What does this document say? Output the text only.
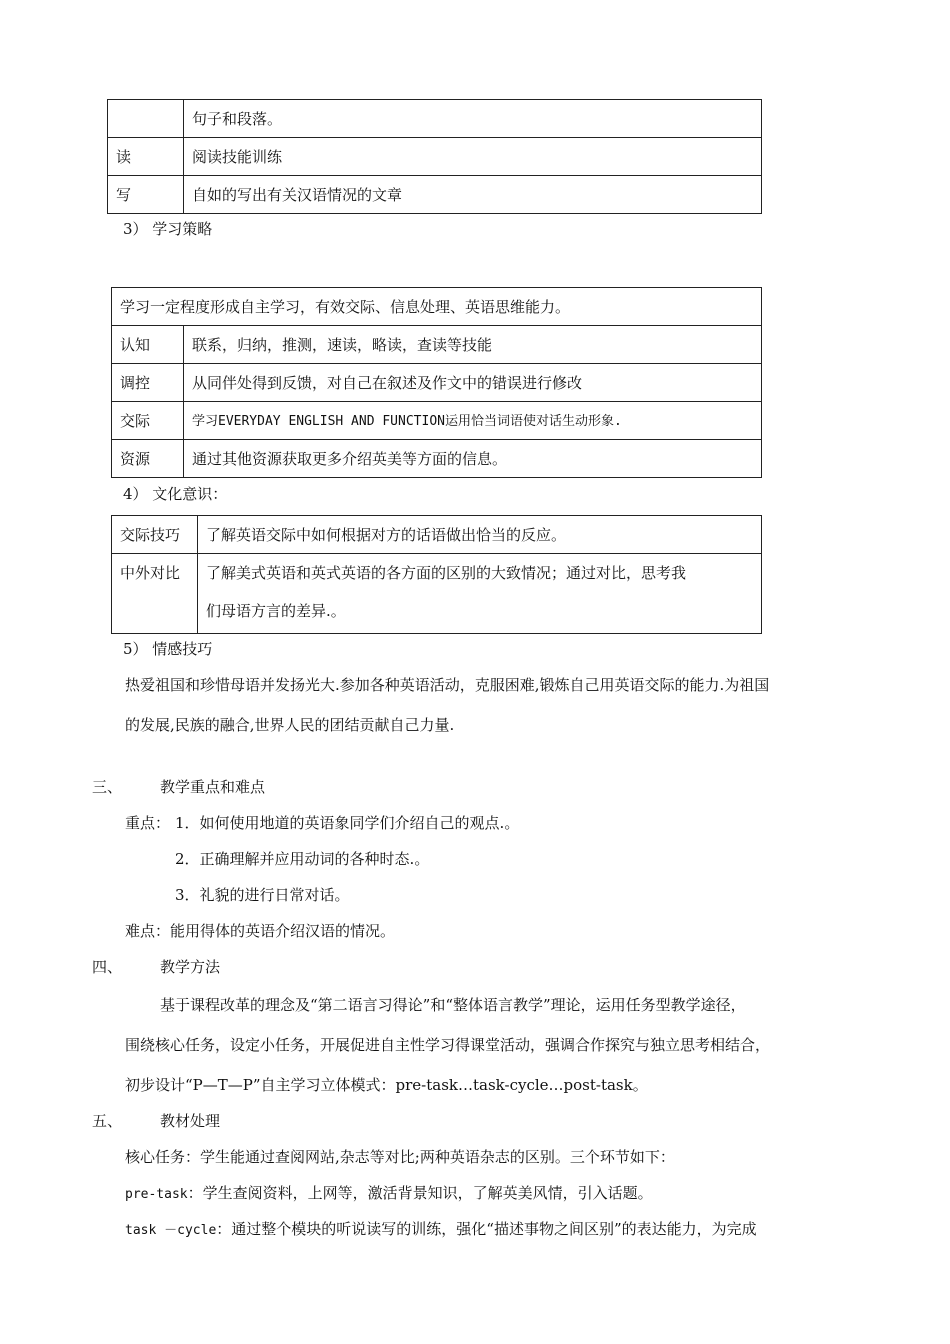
	句子和段落。
读	阅读技能训练
写	自如的写出有关汉语情况的文章
3） 学习策略
学习一定程度形成自主学习，有效交际、信息处理、英语思维能力。	
认知	联系，归纳，推测，速读，略读，查读等技能
调控	从同伴处得到反馈，对自己在叙述及作文中的错误进行修改
交际	学习EVERYDAY ENGLISH AND FUNCTION运用恰当词语使对话生动形象.
资源	通过其他资源获取更多介绍英美等方面的信息。
4） 文化意识：
交际技巧	了解英语交际中如何根据对方的话语做出恰当的反应。
中外对比	了解美式英语和英式英语的各方面的区别的大致情况；通过对比，思考我
们母语方言的差异.。
5） 情感技巧
热爱祖国和珍惜母语并发扬光大.参加各种英语活动，克服困难,锻炼自己用英语交际的能力.为祖国
的发展,民族的融合,世界人民的团结贡献自己力量.
三、	教学重点和难点
重点： 1．如何使用地道的英语象同学们介绍自己的观点.。
2．正确理解并应用动词的各种时态.。
3．礼貌的进行日常对话。
难点：能用得体的英语介绍汉语的情况。
四、	教学方法
基于课程改革的理念及“第二语言习得论”和“整体语言教学”理论，运用任务型教学途径，
围绕核心任务，设定小任务，开展促进自主性学习得课堂活动，强调合作探究与独立思考相结合，
初步设计“P—T—P”自主学习立体模式：pre-task…task-cycle…post-task。
五、	教材处理
核心任务：学生能通过查阅网站,杂志等对比;两种英语杂志的区别。三个环节如下：
pre-task：学生查阅资料，上网等，激活背景知识，了解英美风情，引入话题。
task －cycle：通过整个模块的听说读写的训练，强化“描述事物之间区别”的表达能力，为完成
